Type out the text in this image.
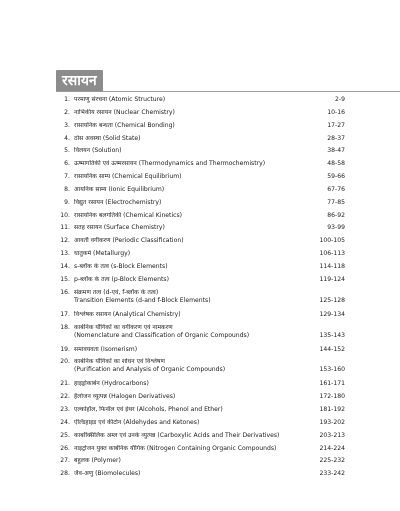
रसायन
1. परमाणु संरचना (Atomic Structure)	2-9
2. नाभिकीय रसायन (Nuclear Chemistry)	10-16
3. रासायनिक बन्धता (Chemical Bonding)	17-27
4. ठोस अवस्था (Solid State)	28-37
5. विलयन (Solution)	38-47
6. ऊष्मागतिकी एवं ऊष्मरसायन (Thermodynamics and Thermochemistry)	48-58
7. रासायनिक साम्य (Chemical Equilibrium)	59-66
8. आयनिक साम्य (Ionic Equilibrium)	67-76
9. विद्युत रसायन (Electrochemistry)	77-85
10. रासायनिक बलगतिकी (Chemical Kinetics)	86-92
11. सतह रसायन (Surface Chemistry)	93-99
12. आवर्ती वर्गीकरण (Periodic Classification)	100-105
13. धातुकर्म (Metallurgy)	106-113
14. s-ब्लॉक के तत्व (s-Block Elements)	114-118
15. p-ब्लॉक के तत्व (p-Block Elements)	119-124
16. संक्रमण तत्व (d-एवं, f-ब्लॉक के तत्व)
Transition Elements (d-and f-Block Elements)	125-128
17. विश्लेषक रसायन (Analytical Chemistry)	129-134
18. कार्बनिक यौगिकों का वर्गीकरण एवं नामकरण
(Nomenclature and Classification of Organic Compounds)	135-143
19. समावयवता (Isomerism)	144-152
20. कार्बनिक यौगिकों का शोधन एवं विश्लेषण
(Purification and Analysis of Organic Compounds)	153-160
21. हाइड्रोकार्बन (Hydrocarbons)	161-171
22. हैलोजन व्युत्पन्न (Halogen Derivatives)	172-180
23. एल्कोहॉल, फिनॉल एवं ईथर (Alcohols, Phenol and Ether)	181-192
24. ऐल्डिहाइड एवं कीटोन (Aldehydes and Ketones)	193-202
25. कार्बोक्सिलिक अम्ल एवं उनके व्युत्पन्न (Carboxylic Acids and Their Derivatives)	203-213
26. नाइट्रोजन युक्त कार्बनिक यौगिक (Nitrogen Containing Organic Compounds)	214-224
27. बहुलक (Polymer)	225-232
28. जैव-अणु (Biomolecules)	233-242
